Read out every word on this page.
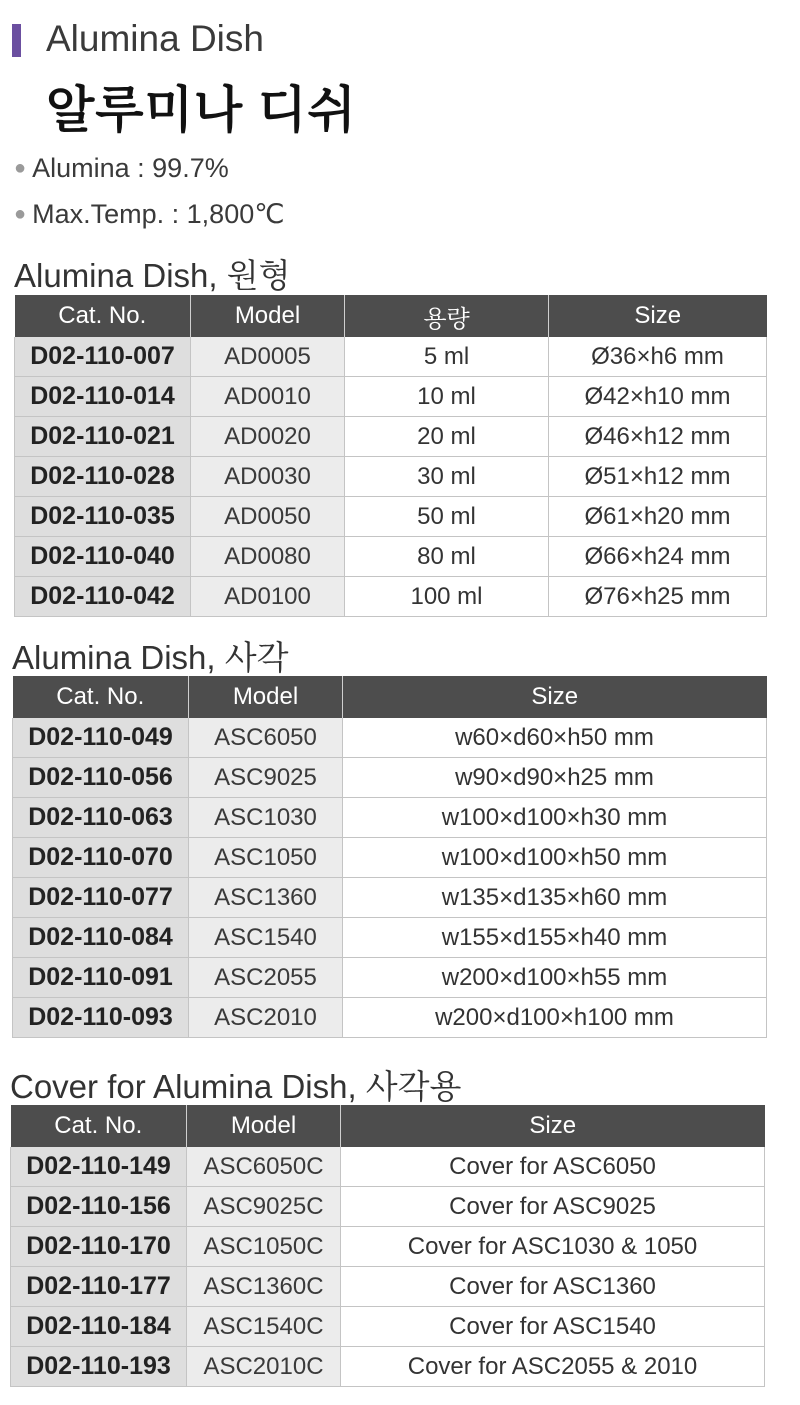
Alumina Dish
알루미나 디쉬
● Alumina : 99.7%
● Max.Temp. : 1,800℃
Alumina Dish, 원형
Cat. No.	Model	용량	Size
D02-110-007	AD0005	5 ml	Ø36×h6 mm
D02-110-014	AD0010	10 ml	Ø42×h10 mm
D02-110-021	AD0020	20 ml	Ø46×h12 mm
D02-110-028	AD0030	30 ml	Ø51×h12 mm
D02-110-035	AD0050	50 ml	Ø61×h20 mm
D02-110-040	AD0080	80 ml	Ø66×h24 mm
D02-110-042	AD0100	100 ml	Ø76×h25 mm
Alumina Dish, 사각
Cat. No.	Model	Size
D02-110-049	ASC6050	w60×d60×h50 mm
D02-110-056	ASC9025	w90×d90×h25 mm
D02-110-063	ASC1030	w100×d100×h30 mm
D02-110-070	ASC1050	w100×d100×h50 mm
D02-110-077	ASC1360	w135×d135×h60 mm
D02-110-084	ASC1540	w155×d155×h40 mm
D02-110-091	ASC2055	w200×d100×h55 mm
D02-110-093	ASC2010	w200×d100×h100 mm
Cover for Alumina Dish, 사각용
Cat. No.	Model	Size
D02-110-149	ASC6050C	Cover for ASC6050
D02-110-156	ASC9025C	Cover for ASC9025
D02-110-170	ASC1050C	Cover for ASC1030 & 1050
D02-110-177	ASC1360C	Cover for ASC1360
D02-110-184	ASC1540C	Cover for ASC1540
D02-110-193	ASC2010C	Cover for ASC2055 & 2010
